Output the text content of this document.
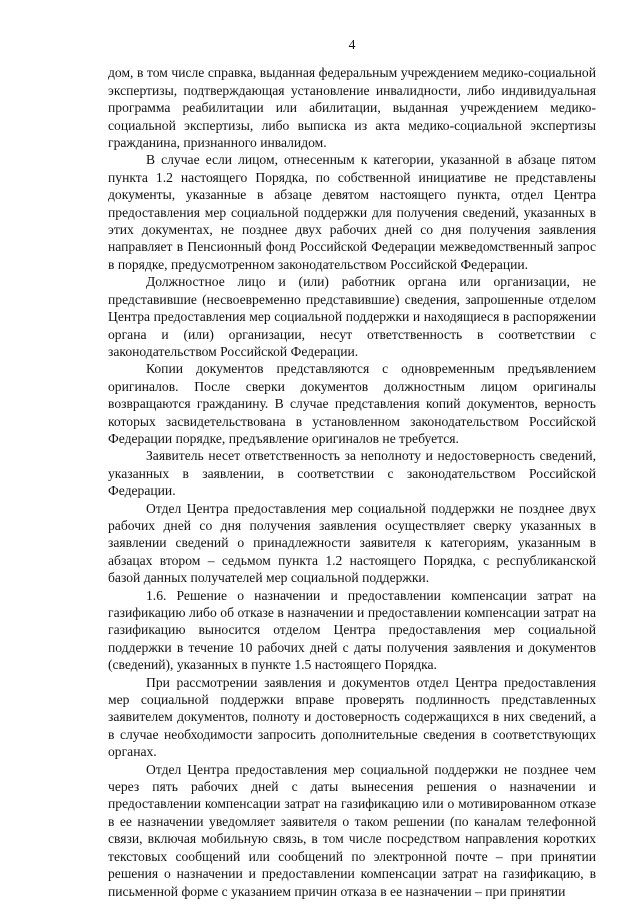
4

дом, в том числе справка, выданная федеральным учреждением медико-социальной экспертизы, подтверждающая установление инвалидности, либо индивидуальная программа реабилитации или абилитации, выданная учреждением медико-социальной экспертизы, либо выписка из акта медико-социальной экспертизы гражданина, признанного инвалидом.

В случае если лицом, отнесенным к категории, указанной в абзаце пятом пункта 1.2 настоящего Порядка, по собственной инициативе не представлены документы, указанные в абзаце девятом настоящего пункта, отдел Центра предоставления мер социальной поддержки для получения сведений, указанных в этих документах, не позднее двух рабочих дней со дня получения заявления направляет в Пенсионный фонд Российской Федерации межведомственный запрос в порядке, предусмотренном законодательством Российской Федерации.

Должностное лицо и (или) работник органа или организации, не представившие (несвоевременно представившие) сведения, запрошенные отделом Центра предоставления мер социальной поддержки и находящиеся в распоряжении органа и (или) организации, несут ответственность в соответствии с законодательством Российской Федерации.

Копии документов представляются с одновременным предъявлением оригиналов. После сверки документов должностным лицом оригиналы возвращаются гражданину. В случае представления копий документов, верность которых засвидетельствована в установленном законодательством Российской Федерации порядке, предъявление оригиналов не требуется.

Заявитель несет ответственность за неполноту и недостоверность сведений, указанных в заявлении, в соответствии с законодательством Российской Федерации.

Отдел Центра предоставления мер социальной поддержки не позднее двух рабочих дней со дня получения заявления осуществляет сверку указанных в заявлении сведений о принадлежности заявителя к категориям, указанным в абзацах втором – седьмом пункта 1.2 настоящего Порядка, с республиканской базой данных получателей мер социальной поддержки.

1.6. Решение о назначении и предоставлении компенсации затрат на газификацию либо об отказе в назначении и предоставлении компенсации затрат на газификацию выносится отделом Центра предоставления мер социальной поддержки в течение 10 рабочих дней с даты получения заявления и документов (сведений), указанных в пункте 1.5 настоящего Порядка.

При рассмотрении заявления и документов отдел Центра предоставления мер социальной поддержки вправе проверять подлинность представленных заявителем документов, полноту и достоверность содержащихся в них сведений, а в случае необходимости запросить дополнительные сведения в соответствующих органах.

Отдел Центра предоставления мер социальной поддержки не позднее чем через пять рабочих дней с даты вынесения решения о назначении и предоставлении компенсации затрат на газификацию или о мотивированном отказе в ее назначении уведомляет заявителя о таком решении (по каналам телефонной связи, включая мобильную связь, в том числе посредством направления коротких текстовых сообщений или сообщений по электронной почте – при принятии решения о назначении и предоставлении компенсации затрат на газификацию, в письменной форме с указанием причин отказа в ее назначении – при принятии
